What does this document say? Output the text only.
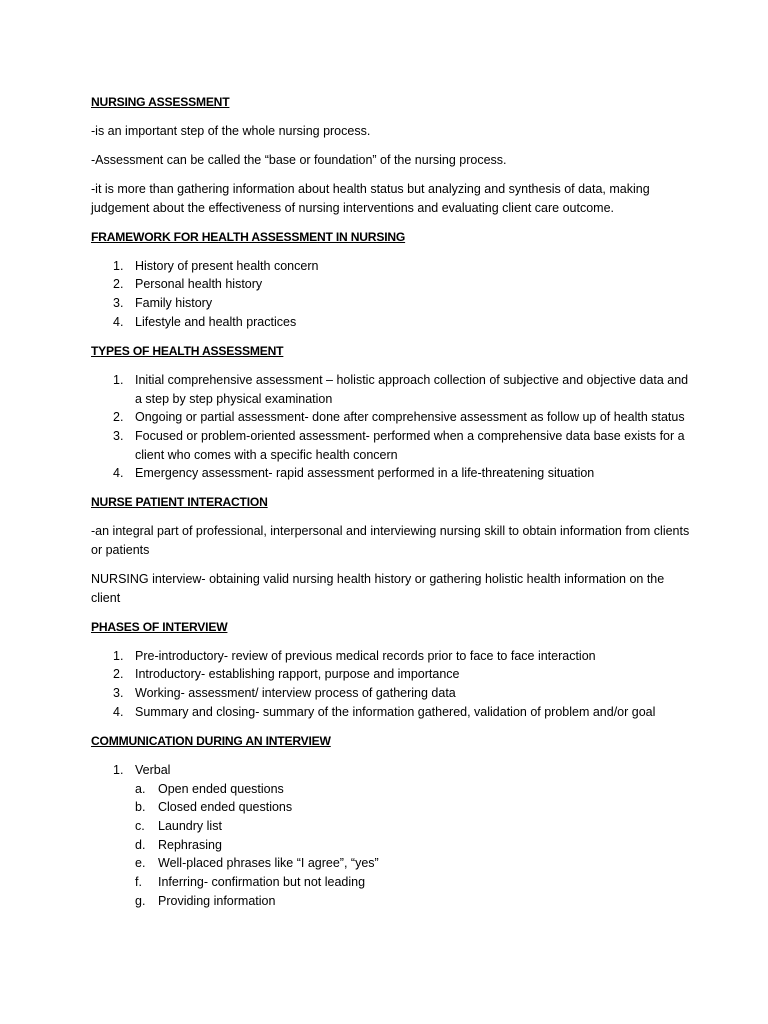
NURSING ASSESSMENT

-is an important step of the whole nursing process.

-Assessment can be called the “base or foundation” of the nursing process.

-it is more than gathering information about health status but analyzing and synthesis of data, making judgement about the effectiveness of nursing interventions and evaluating client care outcome.

FRAMEWORK FOR HEALTH ASSESSMENT IN NURSING
1. History of present health concern
2. Personal health history
3. Family history
4. Lifestyle and health practices
TYPES OF HEALTH ASSESSMENT
1. Initial comprehensive assessment – holistic approach collection of subjective and objective data and a step by step physical examination
2. Ongoing or partial assessment- done after comprehensive assessment as follow up of health status
3. Focused or problem-oriented assessment- performed when a comprehensive data base exists for a client who comes with a specific health concern
4. Emergency assessment- rapid assessment performed in a life-threatening situation
NURSE PATIENT INTERACTION

-an integral part of professional, interpersonal and interviewing nursing skill to obtain information from clients or patients

NURSING interview- obtaining valid nursing health history or gathering holistic health information on the client

PHASES OF INTERVIEW
1. Pre-introductory- review of previous medical records prior to face to face interaction
2. Introductory- establishing rapport, purpose and importance
3. Working- assessment/ interview process of gathering data
4. Summary and closing- summary of the information gathered, validation of problem and/or goal
COMMUNICATION DURING AN INTERVIEW
1. Verbal
a. Open ended questions
b. Closed ended questions
c. Laundry list
d. Rephrasing
e. Well-placed phrases like “I agree”, “yes”
f. Inferring- confirmation but not leading
g. Providing information
